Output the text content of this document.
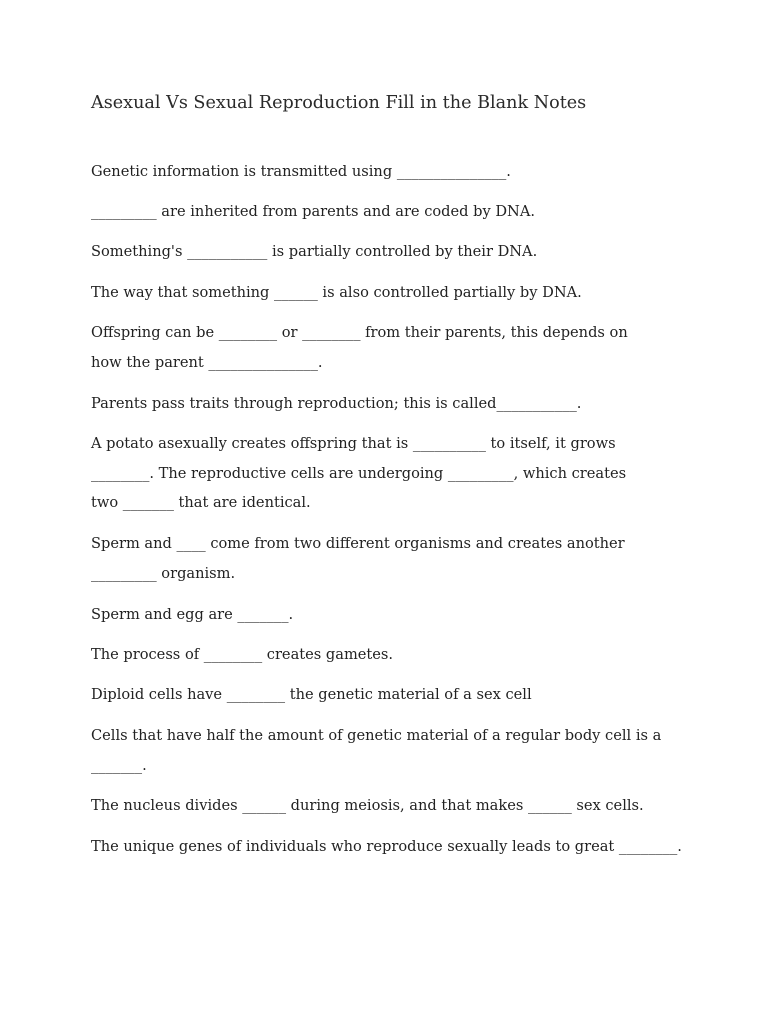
Asexual Vs Sexual Reproduction Fill in the Blank Notes
Genetic information is transmitted using _______________.
_________ are inherited from parents and are coded by DNA.
Something's ___________ is partially controlled by their DNA.
The way that something ______ is also controlled partially by DNA.
Offspring can be ________ or ________ from their parents, this depends on
how the parent _______________.
Parents pass traits through reproduction; this is called___________.
A potato asexually creates offspring that is __________ to itself, it grows
________. The reproductive cells are undergoing _________, which creates
two _______ that are identical.
Sperm and ____ come from two different organisms and creates another
_________ organism.
Sperm and egg are _______.
The process of ________ creates gametes.
Diploid cells have ________ the genetic material of a sex cell
Cells that have half the amount of genetic material of a regular body cell is a
_______.
The nucleus divides ______ during meiosis, and that makes ______ sex cells.
The unique genes of individuals who reproduce sexually leads to great ________.
